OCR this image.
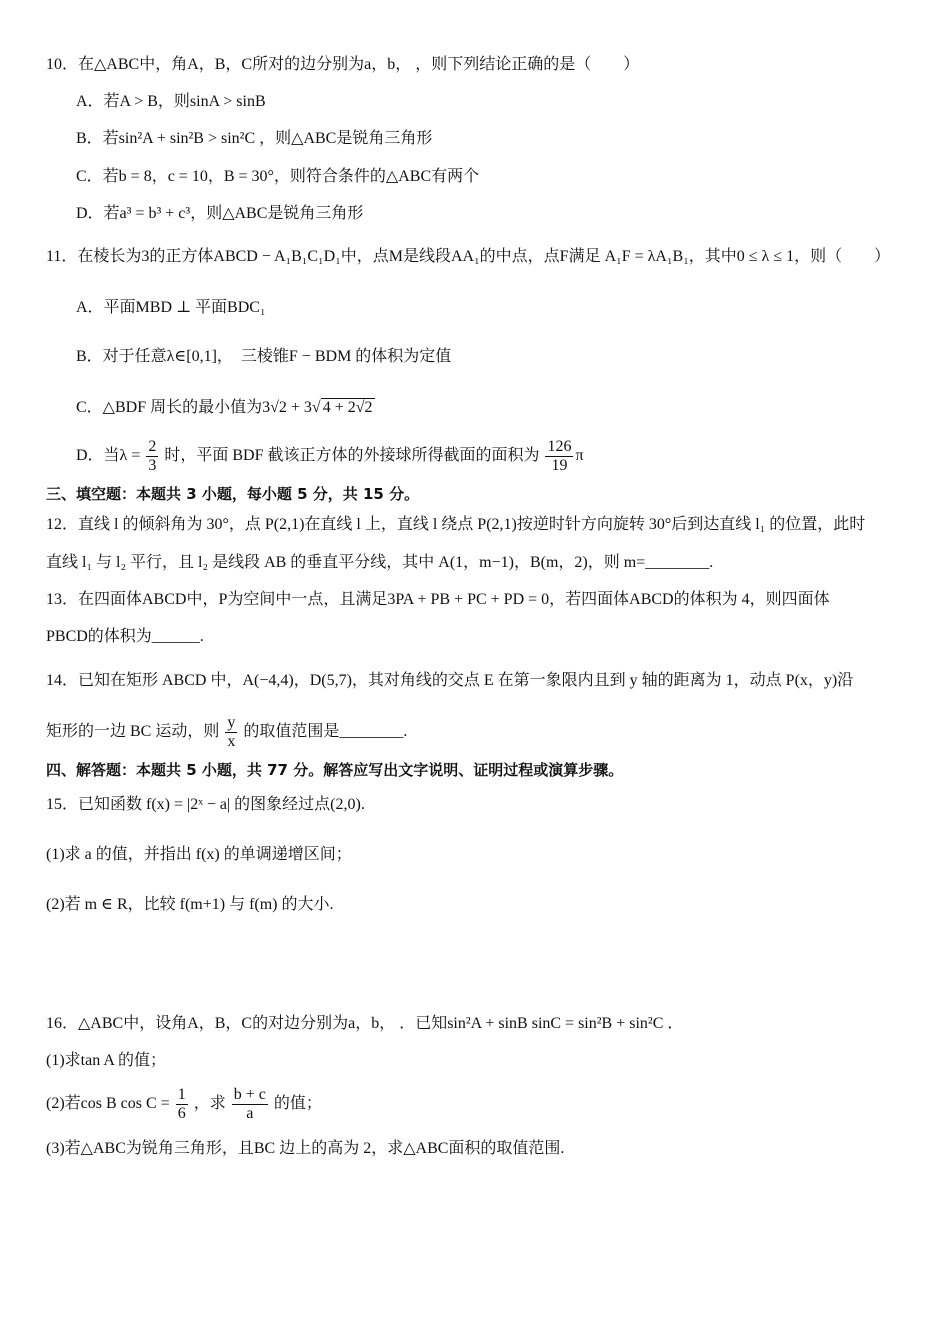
10．在△ABC中，角A，B，C所对的边分别为a，b， ，则下列结论正确的是（　　）
A．若A > B，则sinA > sinB
B．若sin²A + sin²B > sin²C ，则△ABC是锐角三角形
C．若b = 8，c = 10，B = 30°，则符合条件的△ABC有两个
D．若a³ = b³ + c³，则△ABC是锐角三角形
11．在棱长为3的正方体ABCD − A₁B₁C₁D₁中，点M是线段AA₁的中点，点F满足 A₁F = λA₁B₁，其中0 ≤ λ ≤ 1，则（　　）
A．平面MBD ⊥ 平面BDC₁
B．对于任意λ∈[0,1]，　三棱锥F − BDM 的体积为定值
C．△BDF 周长的最小值为3√2 + 3√ 4 + 2√2
D．当$\lambda = \frac{2}{3}$ 时，平面 BDF 截该正方体的外接球所得截面的面积为 $\frac{126}{19}$ π
三、填空题：本题共 3 小题，每小题 5 分，共 15 分。
12．直线 l 的倾斜角为 30°，点 P(2,1)在直线 l 上，直线 l 绕点 P(2,1)按逆时针方向旋转 30°后到达直线 l₁ 的位置，此时
直线 l₁ 与 l₂ 平行，且 l₂ 是线段 AB 的垂直平分线，其中 A(1，m−1)，B(m，2)，则 m=________.
13．在四面体ABCD中，P为空间中一点，且满足3PA + PB + PC + PD = 0，若四面体ABCD的体积为 4，则四面体
PBCD的体积为______.
14．已知在矩形 ABCD 中，A(−4,4)，D(5,7)，其对角线的交点 E 在第一象限内且到 y 轴的距离为 1，动点 P(x，y)沿
矩形的一边 BC 运动，则 $\frac{y}{x}$ 的取值范围是________.
四、解答题：本题共 5 小题，共 77 分。解答应写出文字说明、证明过程或演算步骤。
15．已知函数 f(x) = |2ˣ − a| 的图象经过点(2,0).
(1)求 a 的值，并指出 f(x) 的单调递增区间；
(2)若 m ∈ R，比较 f(m+1) 与 f(m) 的大小.
16．△ABC中，设角A，B，C的对边分别为a，b， ．已知sin²A + sinB sinC = sin²B + sin²C ．
(1)求tan A 的值；
(2)若cos B $\cos C = \frac{1}{6}$ ，求 $\frac{b + c}{a}$ 的值；
(3)若△ABC为锐角三角形，且BC 边上的高为 2，求△ABC面积的取值范围.
